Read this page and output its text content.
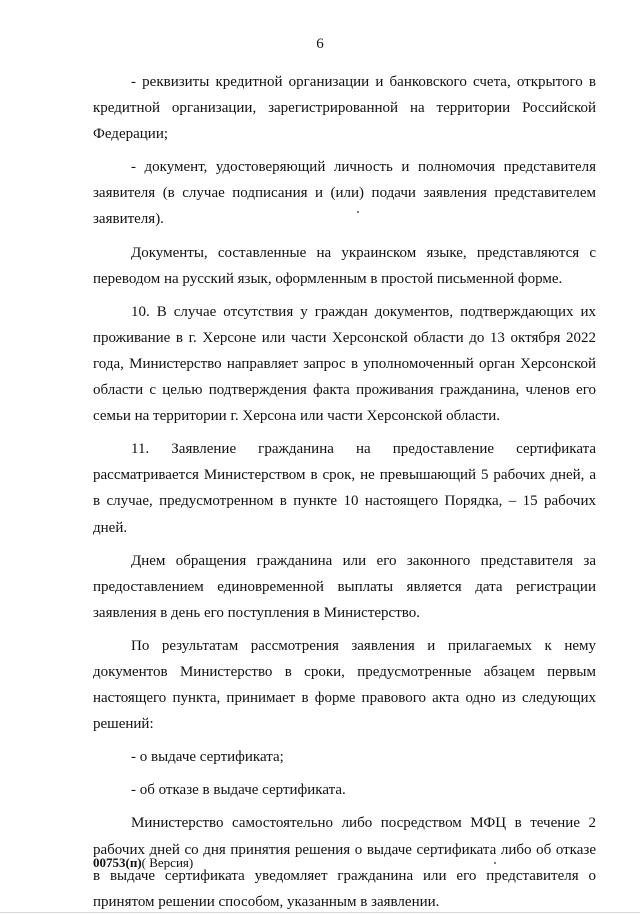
6

- реквизиты кредитной организации и банковского счета, открытого в кредитной организации, зарегистрированной на территории Российской Федерации;

- документ, удостоверяющий личность и полномочия представителя заявителя (в случае подписания и (или) подачи заявления представителем заявителя).

Документы, составленные на украинском языке, представляются с переводом на русский язык, оформленным в простой письменной форме.

10. В случае отсутствия у граждан документов, подтверждающих их проживание в г. Херсоне или части Херсонской области до 13 октября 2022 года, Министерство направляет запрос в уполномоченный орган Херсонской области с целью подтверждения факта проживания гражданина, членов его семьи на территории г. Херсона или части Херсонской области.

11. Заявление гражданина на предоставление сертификата рассматривается Министерством в срок, не превышающий 5 рабочих дней, а в случае, предусмотренном в пункте 10 настоящего Порядка, – 15 рабочих дней.

Днем обращения гражданина или его законного представителя за предоставлением единовременной выплаты является дата регистрации заявления в день его поступления в Министерство.

По результатам рассмотрения заявления и прилагаемых к нему документов Министерство в сроки, предусмотренные абзацем первым настоящего пункта, принимает в форме правового акта одно из следующих решений:

- о выдаче сертификата;

- об отказе в выдаче сертификата.

Министерство самостоятельно либо посредством МФЦ в течение 2 рабочих дней со дня принятия решения о выдаче сертификата либо об отказе в выдаче сертификата уведомляет гражданина или его представителя о принятом решении способом, указанным в заявлении.

00753(п)( Версия)
